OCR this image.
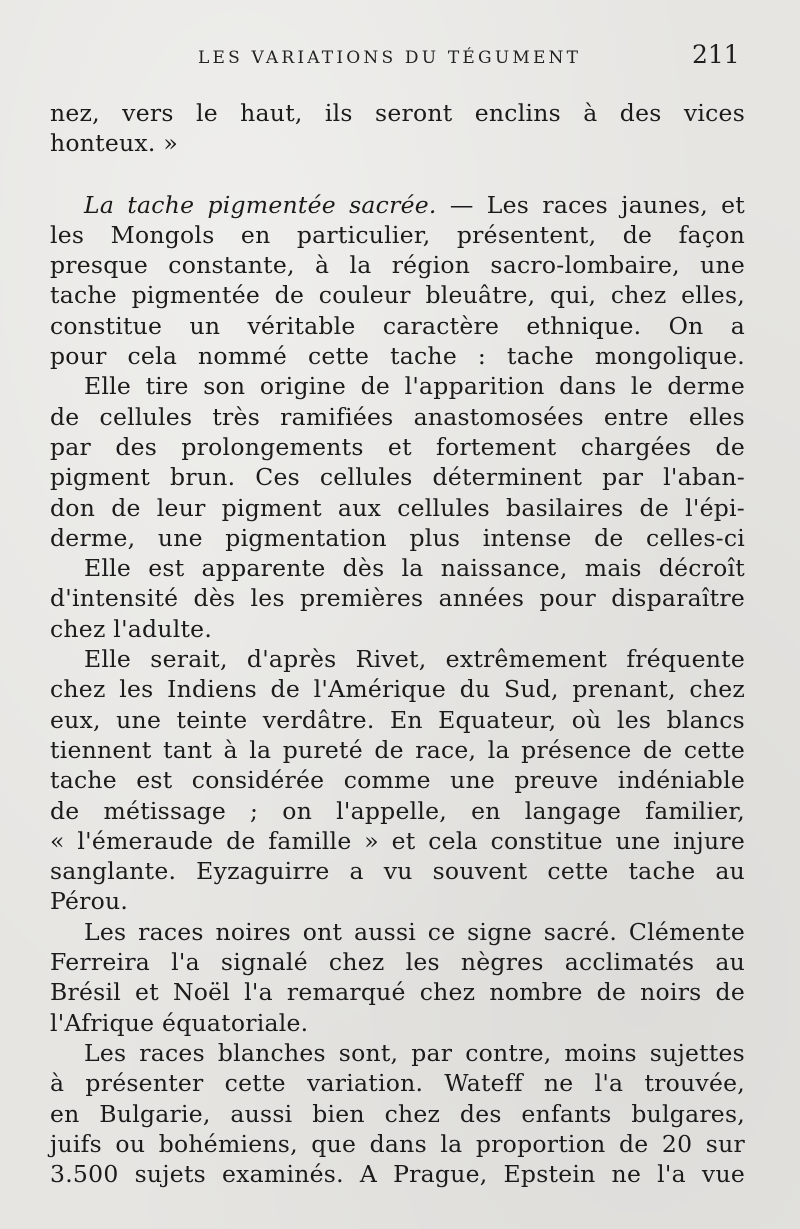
LES VARIATIONS DU TÉGUMENT	211
nez, vers le haut, ils seront enclins à des vices
honteux. »
La tache pigmentée sacrée. — Les races jaunes, et
les Mongols en particulier, présentent, de façon
presque constante, à la région sacro-lombaire, une
tache pigmentée de couleur bleuâtre, qui, chez elles,
constitue un véritable caractère ethnique. On a
pour cela nommé cette tache : tache mongolique.
Elle tire son origine de l'apparition dans le derme
de cellules très ramifiées anastomosées entre elles
par des prolongements et fortement chargées de
pigment brun. Ces cellules déterminent par l'aban-
don de leur pigment aux cellules basilaires de l'épi-
derme, une pigmentation plus intense de celles-ci
Elle est apparente dès la naissance, mais décroît
d'intensité dès les premières années pour disparaître
chez l'adulte.
Elle serait, d'après Rivet, extrêmement fréquente
chez les Indiens de l'Amérique du Sud, prenant, chez
eux, une teinte verdâtre. En Equateur, où les blancs
tiennent tant à la pureté de race, la présence de cette
tache est considérée comme une preuve indéniable
de métissage ; on l'appelle, en langage familier,
« l'émeraude de famille » et cela constitue une injure
sanglante. Eyzaguirre a vu souvent cette tache au
Pérou.
Les races noires ont aussi ce signe sacré. Clémente
Ferreira l'a signalé chez les nègres acclimatés au
Brésil et Noël l'a remarqué chez nombre de noirs de
l'Afrique équatoriale.
Les races blanches sont, par contre, moins sujettes
à présenter cette variation. Wateff ne l'a trouvée,
en Bulgarie, aussi bien chez des enfants bulgares,
juifs ou bohémiens, que dans la proportion de 20 sur
3.500 sujets examinés. A Prague, Epstein ne l'a vue
